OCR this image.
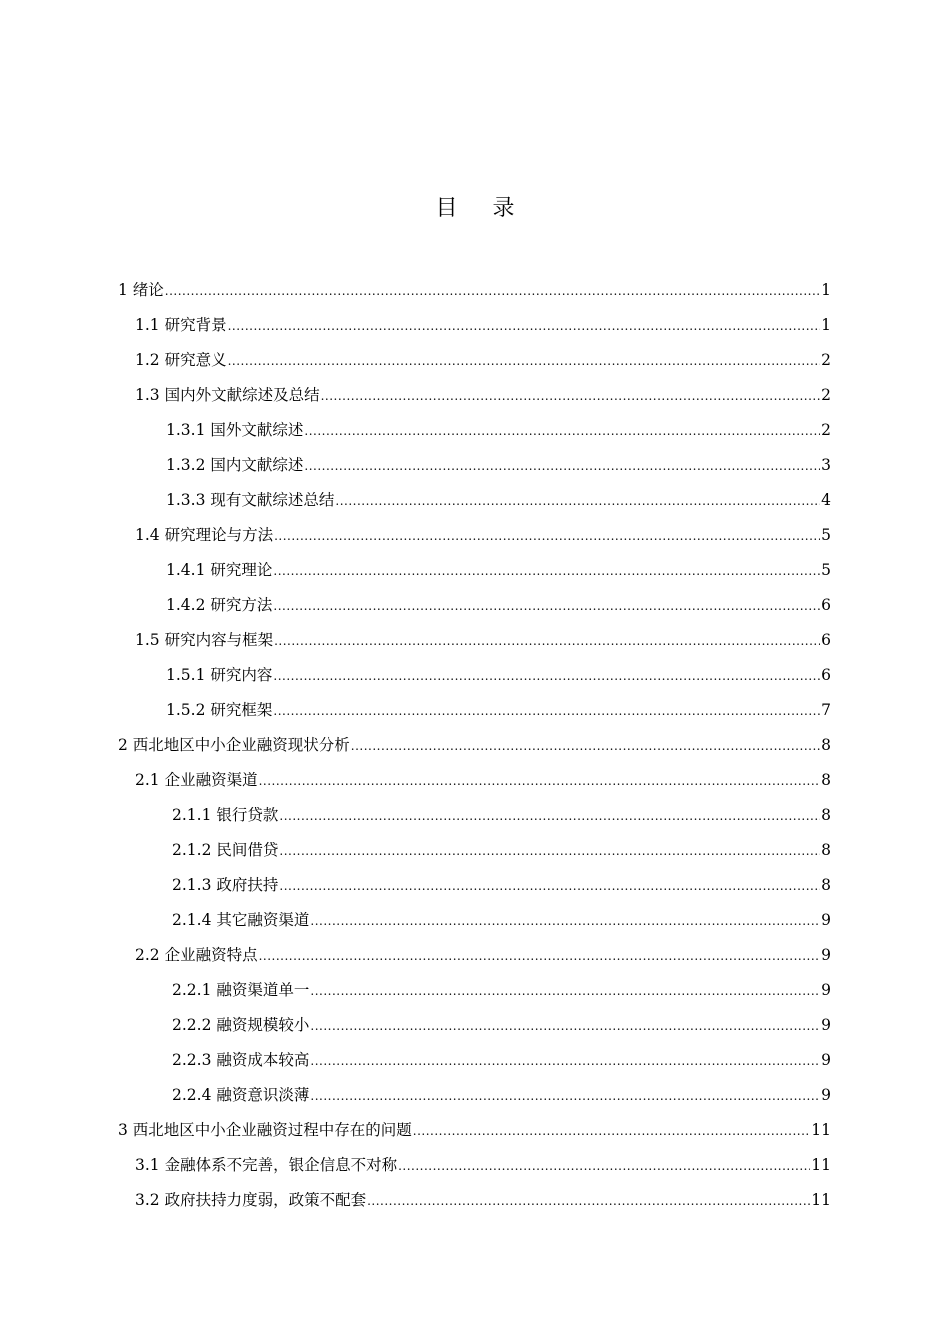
目 录
1 绪论 .....	1
1.1 研究背景 .....	1
1.2 研究意义 .....	2
1.3 国内外文献综述及总结 .....	2
1.3.1 国外文献综述 .....	2
1.3.2 国内文献综述 .....	3
1.3.3 现有文献综述总结 .....	4
1.4 研究理论与方法 .....	5
1.4.1 研究理论 .....	5
1.4.2 研究方法 .....	6
1.5 研究内容与框架 .....	6
1.5.1 研究内容 .....	6
1.5.2 研究框架 .....	7
2 西北地区中小企业融资现状分析 .....	8
2.1 企业融资渠道 .....	8
2.1.1 银行贷款 .....	8
2.1.2 民间借贷 .....	8
2.1.3 政府扶持 .....	8
2.1.4 其它融资渠道 .....	9
2.2 企业融资特点 .....	9
2.2.1 融资渠道单一 .....	9
2.2.2 融资规模较小 .....	9
2.2.3 融资成本较高 .....	9
2.2.4 融资意识淡薄 .....	9
3 西北地区中小企业融资过程中存在的问题 .....	11
3.1 金融体系不完善，银企信息不对称 .....	11
3.2 政府扶持力度弱，政策不配套 .....	11
